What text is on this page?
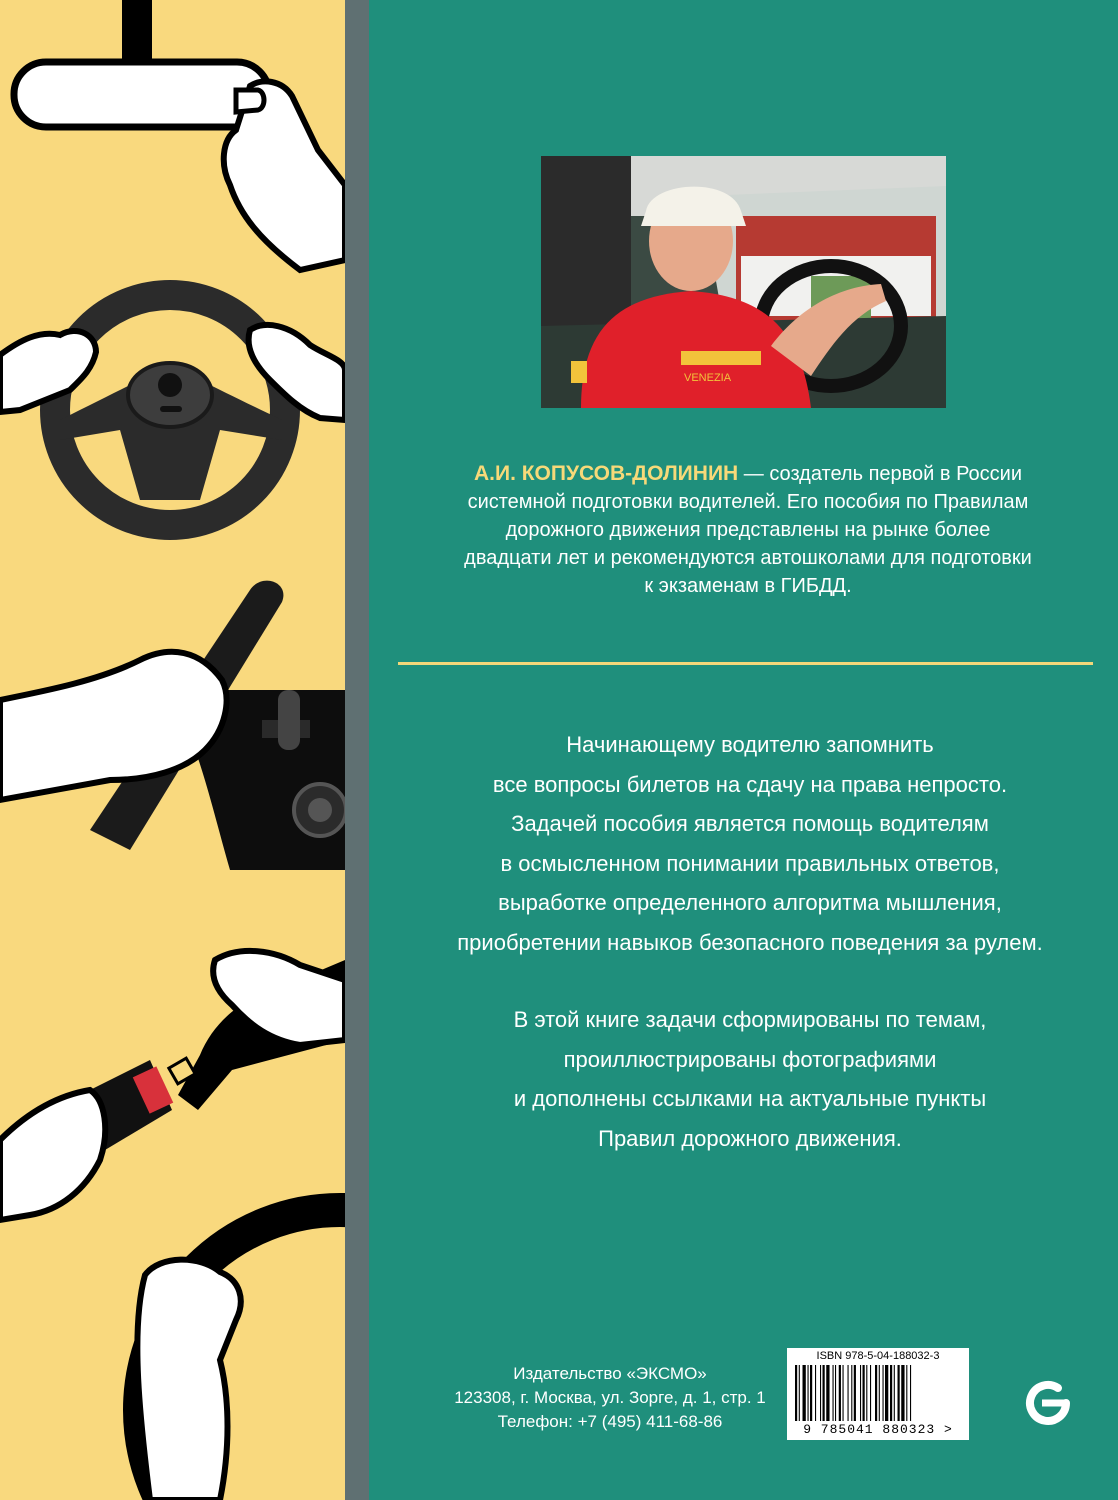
VENEZIA
А.И. КОПУСОВ-ДОЛИНИН — создатель первой в России
системной подготовки водителей. Его пособия по Правилам
дорожного движения представлены на рынке более
двадцати лет и рекомендуются автошколами для подготовки
к экзаменам в ГИБДД.
Начинающему водителю запомнить
все вопросы билетов на сдачу на права непросто.
Задачей пособия является помощь водителям
в осмысленном понимании правильных ответов,
выработке определенного алгоритма мышления,
приобретении навыков безопасного поведения за рулем.
В этой книге задачи сформированы по темам,
проиллюстрированы фотографиями
и дополнены ссылками на актуальные пункты
Правил дорожного движения.
Издательство «ЭКСМО»
123308, г. Москва, ул. Зорге, д. 1, стр. 1
Телефон: +7 (495) 411-68-86
ISBN 978-5-04-188032-3
9 785041 880323 >
